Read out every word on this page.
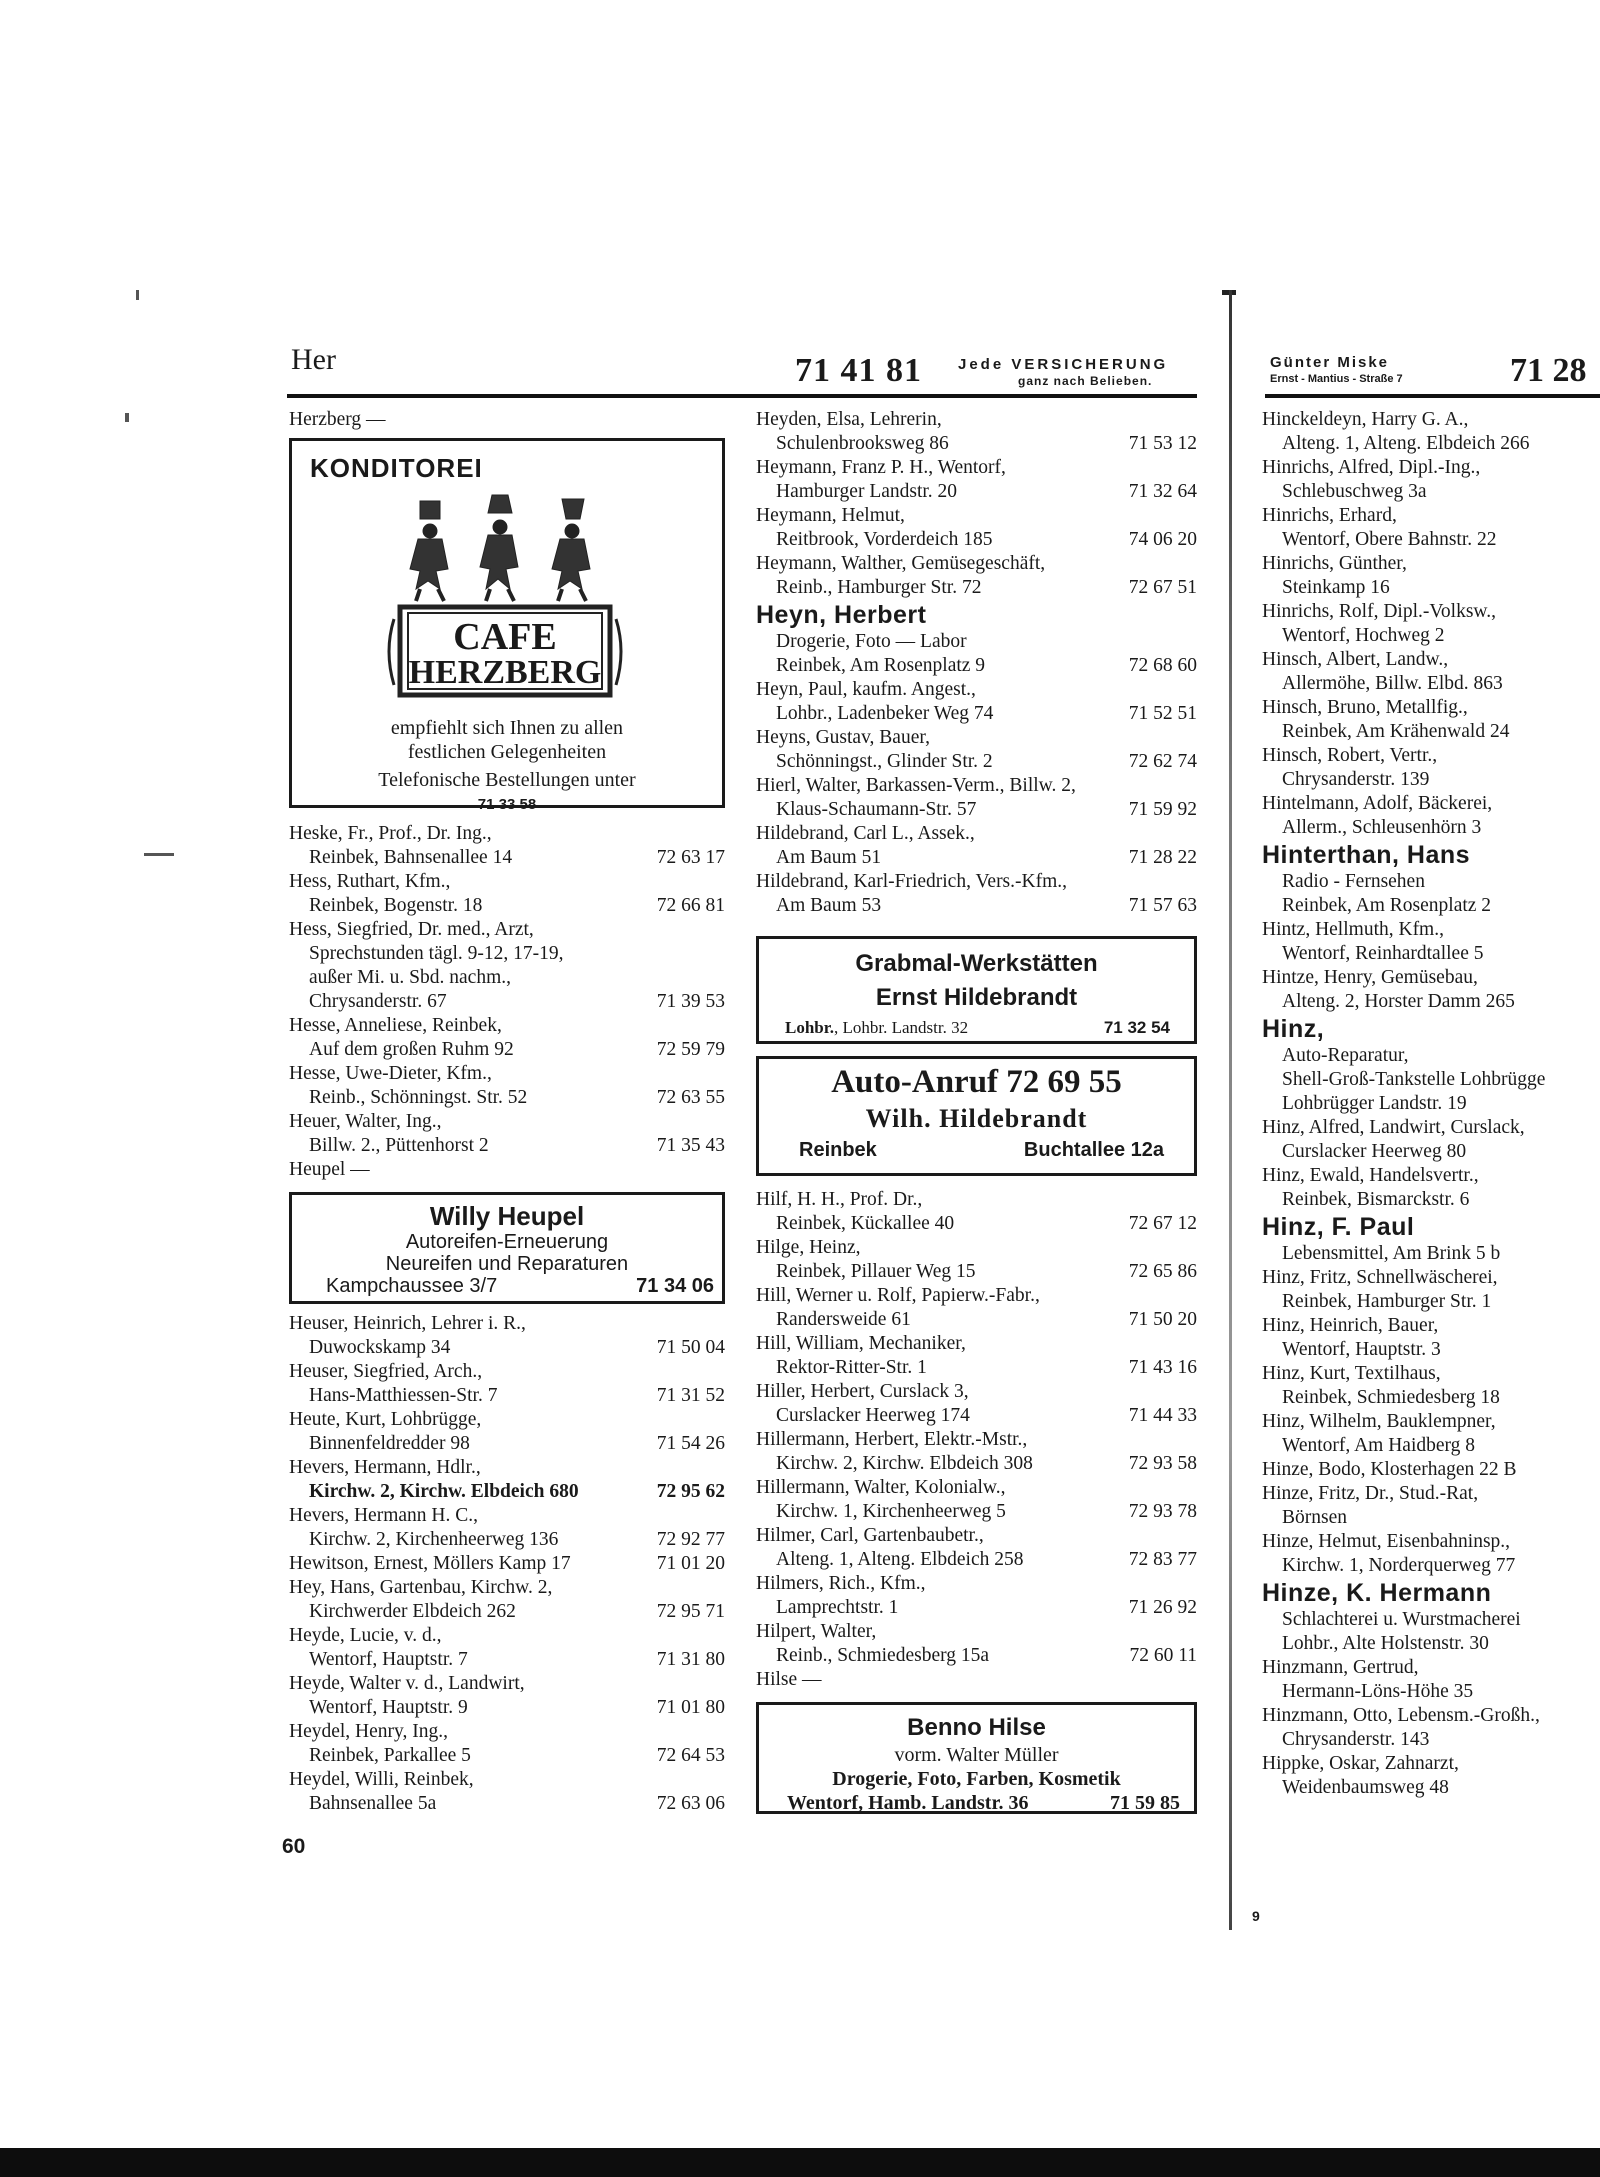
Her	71 41 81 Jede VERSICHERUNG
ganz nach Belieben.
Günter Miske
Ernst - Mantius - Straße 7	71 28
Herzberg —
KONDITOREI
CAFE
HERZBERG
empfiehlt sich Ihnen zu allen
festlichen Gelegenheiten
Telefonische Bestellungen unter
71 33 58
Heske, Fr., Prof., Dr. Ing.,
Reinbek, Bahnsenallee 14	72 63 17
Hess, Ruthart, Kfm.,
Reinbek, Bogenstr. 18	72 66 81
Hess, Siegfried, Dr. med., Arzt,
Sprechstunden tägl. 9-12, 17-19,
außer Mi. u. Sbd. nachm.,
Chrysanderstr. 67	71 39 53
Hesse, Anneliese, Reinbek,
Auf dem großen Ruhm 92	72 59 79
Hesse, Uwe-Dieter, Kfm.,
Reinb., Schönningst. Str. 52	72 63 55
Heuer, Walter, Ing.,
Billw. 2., Püttenhorst 2	71 35 43
Heupel —
Willy Heupel
Autoreifen-Erneuerung
Neureifen und Reparaturen
Kampchaussee 3/7	71 34 06
Heuser, Heinrich, Lehrer i. R.,
Duwockskamp 34	71 50 04
Heuser, Siegfried, Arch.,
Hans-Matthiessen-Str. 7	71 31 52
Heute, Kurt, Lohbrügge,
Binnenfeldredder 98	71 54 26
Hevers, Hermann, Hdlr.,
Kirchw. 2, Kirchw. Elbdeich 680	72 95 62
Hevers, Hermann H. C.,
Kirchw. 2, Kirchenheerweg 136	72 92 77
Hewitson, Ernest, Möllers Kamp 17	71 01 20
Hey, Hans, Gartenbau, Kirchw. 2,
Kirchwerder Elbdeich 262	72 95 71
Heyde, Lucie, v. d.,
Wentorf, Hauptstr. 7	71 31 80
Heyde, Walter v. d., Landwirt,
Wentorf, Hauptstr. 9	71 01 80
Heydel, Henry, Ing.,
Reinbek, Parkallee 5	72 64 53
Heydel, Willi, Reinbek,
Bahnsenallee 5a	72 63 06
Heyden, Elsa, Lehrerin,
Schulenbrooksweg 86	71 53 12
Heymann, Franz P. H., Wentorf,
Hamburger Landstr. 20	71 32 64
Heymann, Helmut,
Reitbrook, Vorderdeich 185	74 06 20
Heymann, Walther, Gemüsegeschäft,
Reinb., Hamburger Str. 72	72 67 51
Heyn, Herbert
Drogerie, Foto — Labor
Reinbek, Am Rosenplatz 9	72 68 60
Heyn, Paul, kaufm. Angest.,
Lohbr., Ladenbeker Weg 74	71 52 51
Heyns, Gustav, Bauer,
Schönningst., Glinder Str. 2	72 62 74
Hierl, Walter, Barkassen-Verm., Billw. 2,
Klaus-Schaumann-Str. 57	71 59 92
Hildebrand, Carl L., Assek.,
Am Baum 51	71 28 22
Hildebrand, Karl-Friedrich, Vers.-Kfm.,
Am Baum 53	71 57 63
Grabmal-Werkstätten
Ernst Hildebrandt
Lohbr., Lohbr. Landstr. 32	71 32 54
Auto-Anruf 72 69 55
Wilh. Hildebrandt
Reinbek	Buchtallee 12a
Hilf, H. H., Prof. Dr.,
Reinbek, Kückallee 40	72 67 12
Hilge, Heinz,
Reinbek, Pillauer Weg 15	72 65 86
Hill, Werner u. Rolf, Papierw.-Fabr.,
Randersweide 61	71 50 20
Hill, William, Mechaniker,
Rektor-Ritter-Str. 1	71 43 16
Hiller, Herbert, Curslack 3,
Curslacker Heerweg 174	71 44 33
Hillermann, Herbert, Elektr.-Mstr.,
Kirchw. 2, Kirchw. Elbdeich 308	72 93 58
Hillermann, Walter, Kolonialw.,
Kirchw. 1, Kirchenheerweg 5	72 93 78
Hilmer, Carl, Gartenbaubetr.,
Alteng. 1, Alteng. Elbdeich 258	72 83 77
Hilmers, Rich., Kfm.,
Lamprechtstr. 1	71 26 92
Hilpert, Walter,
Reinb., Schmiedesberg 15a	72 60 11
Hilse —
Benno Hilse
vorm. Walter Müller
Drogerie, Foto, Farben, Kosmetik
Wentorf, Hamb. Landstr. 36	71 59 85
Hinckeldeyn, Harry G. A.,
Alteng. 1, Alteng. Elbdeich 266
Hinrichs, Alfred, Dipl.-Ing.,
Schlebuschweg 3a
Hinrichs, Erhard,
Wentorf, Obere Bahnstr. 22
Hinrichs, Günther,
Steinkamp 16
Hinrichs, Rolf, Dipl.-Volksw.,
Wentorf, Hochweg 2
Hinsch, Albert, Landw.,
Allermöhe, Billw. Elbd. 863
Hinsch, Bruno, Metallfig.,
Reinbek, Am Krähenwald 24
Hinsch, Robert, Vertr.,
Chrysanderstr. 139
Hintelmann, Adolf, Bäckerei,
Allerm., Schleusenhörn 3
Hinterthan, Hans
Radio - Fernsehen
Reinbek, Am Rosenplatz 2
Hintz, Hellmuth, Kfm.,
Wentorf, Reinhardtallee 5
Hintze, Henry, Gemüsebau,
Alteng. 2, Horster Damm 265
Hinz,
Auto-Reparatur,
Shell-Groß-Tankstelle Lohbrügge
Lohbrügger Landstr. 19
Hinz, Alfred, Landwirt, Curslack,
Curslacker Heerweg 80
Hinz, Ewald, Handelsvertr.,
Reinbek, Bismarckstr. 6
Hinz, F. Paul
Lebensmittel, Am Brink 5 b
Hinz, Fritz, Schnellwäscherei,
Reinbek, Hamburger Str. 1
Hinz, Heinrich, Bauer,
Wentorf, Hauptstr. 3
Hinz, Kurt, Textilhaus,
Reinbek, Schmiedesberg 18
Hinz, Wilhelm, Bauklempner,
Wentorf, Am Haidberg 8
Hinze, Bodo, Klosterhagen 22 B
Hinze, Fritz, Dr., Stud.-Rat,
Börnsen
Hinze, Helmut, Eisenbahninsp.,
Kirchw. 1, Norderquerweg 77
Hinze, K. Hermann
Schlachterei u. Wurstmacherei
Lohbr., Alte Holstenstr. 30
Hinzmann, Gertrud,
Hermann-Löns-Höhe 35
Hinzmann, Otto, Lebensm.-Großh.,
Chrysanderstr. 143
Hippke, Oskar, Zahnarzt,
Weidenbaumsweg 48
60
9
